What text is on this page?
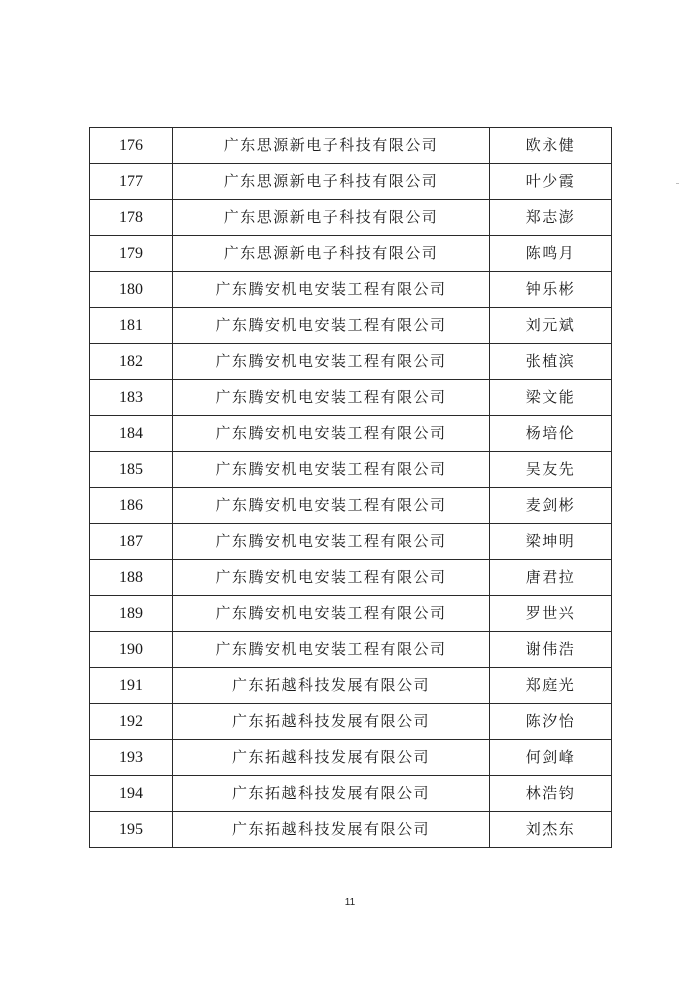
176	广东思源新电子科技有限公司	欧永健
177	广东思源新电子科技有限公司	叶少霞
178	广东思源新电子科技有限公司	郑志澎
179	广东思源新电子科技有限公司	陈鸣月
180	广东腾安机电安装工程有限公司	钟乐彬
181	广东腾安机电安装工程有限公司	刘元斌
182	广东腾安机电安装工程有限公司	张植滨
183	广东腾安机电安装工程有限公司	梁文能
184	广东腾安机电安装工程有限公司	杨培伦
185	广东腾安机电安装工程有限公司	吴友先
186	广东腾安机电安装工程有限公司	麦剑彬
187	广东腾安机电安装工程有限公司	梁坤明
188	广东腾安机电安装工程有限公司	唐君拉
189	广东腾安机电安装工程有限公司	罗世兴
190	广东腾安机电安装工程有限公司	谢伟浩
191	广东拓越科技发展有限公司	郑庭光
192	广东拓越科技发展有限公司	陈汐怡
193	广东拓越科技发展有限公司	何剑峰
194	广东拓越科技发展有限公司	林浩钧
195	广东拓越科技发展有限公司	刘杰东
11
